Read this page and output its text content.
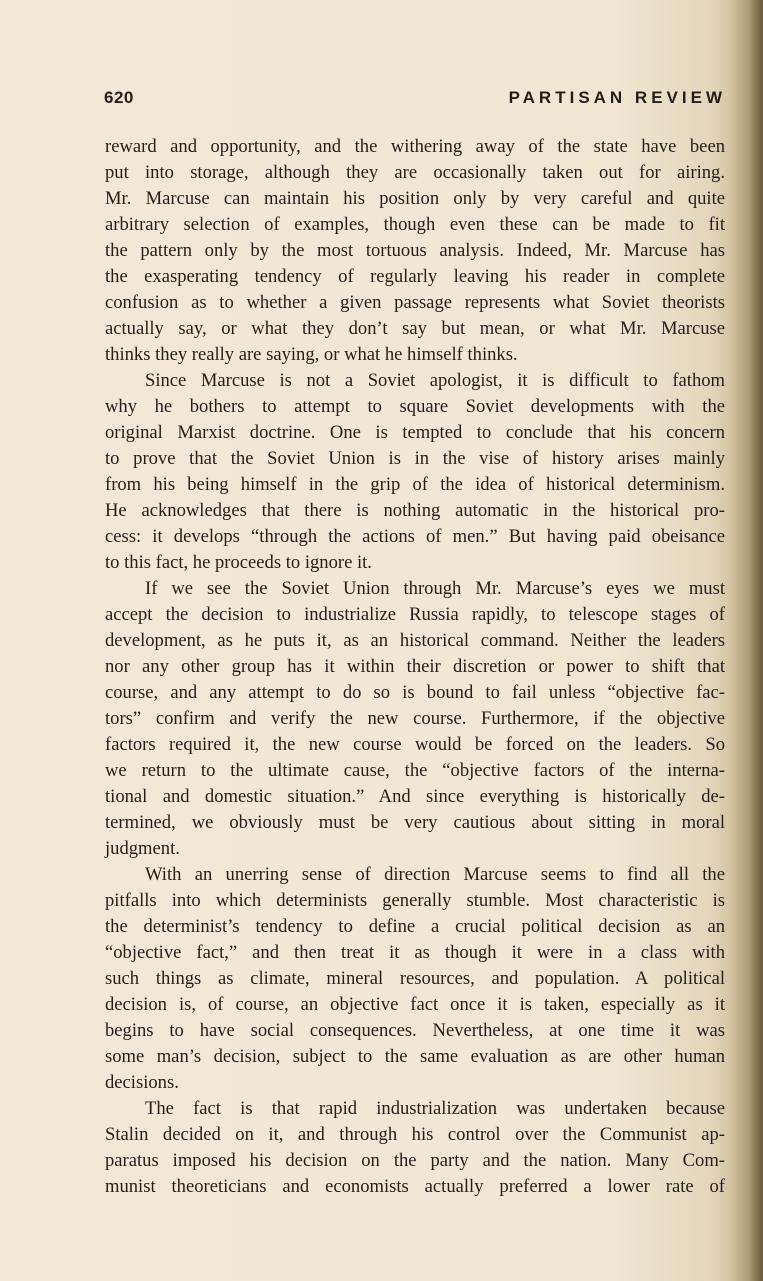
620	PARTISAN REVIEW
reward and opportunity, and the withering away of the state have been
put into storage, although they are occasionally taken out for airing.
Mr. Marcuse can maintain his position only by very careful and quite
arbitrary selection of examples, though even these can be made to fit
the pattern only by the most tortuous analysis. Indeed, Mr. Marcuse has
the exasperating tendency of regularly leaving his reader in complete
confusion as to whether a given passage represents what Soviet theorists
actually say, or what they don’t say but mean, or what Mr. Marcuse
thinks they really are saying, or what he himself thinks.
Since Marcuse is not a Soviet apologist, it is difficult to fathom
why he bothers to attempt to square Soviet developments with the
original Marxist doctrine. One is tempted to conclude that his concern
to prove that the Soviet Union is in the vise of history arises mainly
from his being himself in the grip of the idea of historical determinism.
He acknowledges that there is nothing automatic in the historical pro-
cess: it develops “through the actions of men.” But having paid obeisance
to this fact, he proceeds to ignore it.
If we see the Soviet Union through Mr. Marcuse’s eyes we must
accept the decision to industrialize Russia rapidly, to telescope stages of
development, as he puts it, as an historical command. Neither the leaders
nor any other group has it within their discretion or power to shift that
course, and any attempt to do so is bound to fail unless “objective fac-
tors” confirm and verify the new course. Furthermore, if the objective
factors required it, the new course would be forced on the leaders. So
we return to the ultimate cause, the “objective factors of the interna-
tional and domestic situation.” And since everything is historically de-
termined, we obviously must be very cautious about sitting in moral
judgment.
With an unerring sense of direction Marcuse seems to find all the
pitfalls into which determinists generally stumble. Most characteristic is
the determinist’s tendency to define a crucial political decision as an
“objective fact,” and then treat it as though it were in a class with
such things as climate, mineral resources, and population. A political
decision is, of course, an objective fact once it is taken, especially as it
begins to have social consequences. Nevertheless, at one time it was
some man’s decision, subject to the same evaluation as are other human
decisions.
The fact is that rapid industrialization was undertaken because
Stalin decided on it, and through his control over the Communist ap-
paratus imposed his decision on the party and the nation. Many Com-
munist theoreticians and economists actually preferred a lower rate of
